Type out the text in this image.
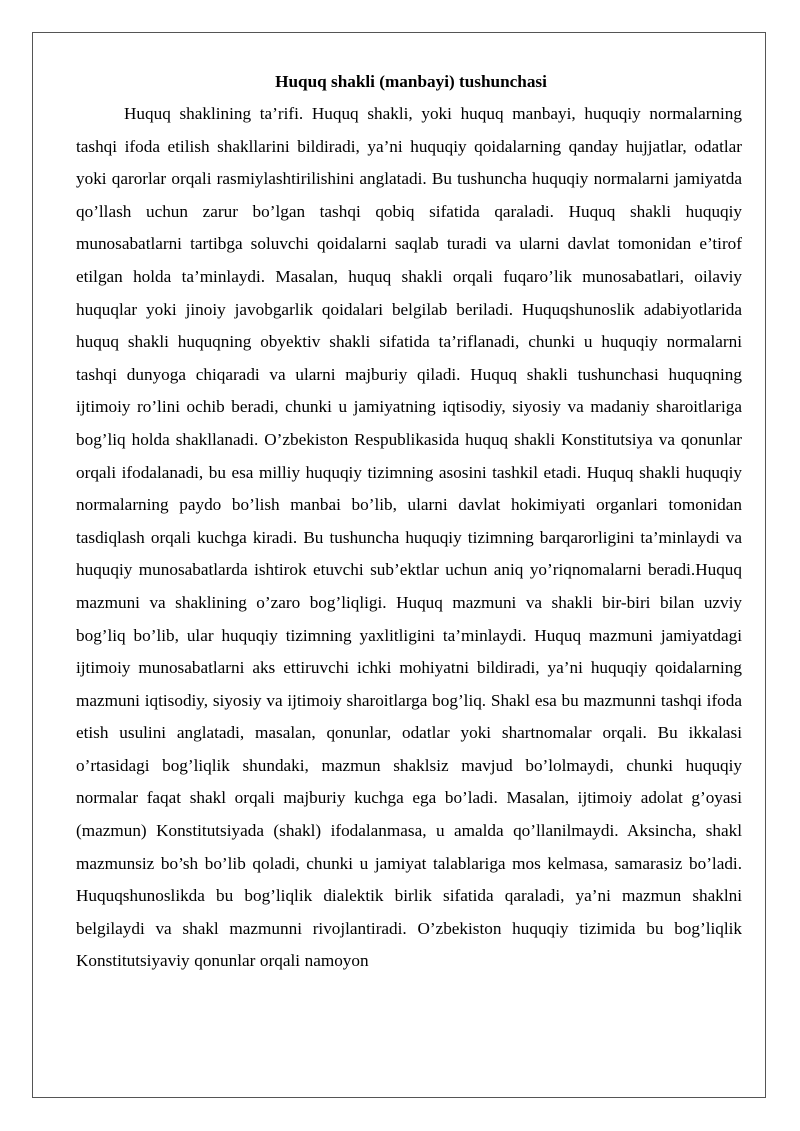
Huquq shakli (manbayi) tushunchasi

Huquq shaklining ta’rifi. Huquq shakli, yoki huquq manbayi, huquqiy normalarning tashqi ifoda etilish shakllarini bildiradi, ya’ni huquqiy qoidalarning qanday hujjatlar, odatlar yoki qarorlar orqali rasmiylashtirilishini anglatadi. Bu tushuncha huquqiy normalarni jamiyatda qo’llash uchun zarur bo’lgan tashqi qobiq sifatida qaraladi. Huquq shakli huquqiy munosabatlarni tartibga soluvchi qoidalarni saqlab turadi va ularni davlat tomonidan e’tirof etilgan holda ta’minlaydi. Masalan, huquq shakli orqali fuqaro’lik munosabatlari, oilaviy huquqlar yoki jinoiy javobgarlik qoidalari belgilab beriladi. Huquqshunoslik adabiyotlarida huquq shakli huquqning obyektiv shakli sifatida ta’riflanadi, chunki u huquqiy normalarni tashqi dunyoga chiqaradi va ularni majburiy qiladi. Huquq shakli tushunchasi huquqning ijtimoiy ro’lini ochib beradi, chunki u jamiyatning iqtisodiy, siyosiy va madaniy sharoitlariga bog’liq holda shakllanadi. O’zbekiston Respublikasida huquq shakli Konstitutsiya va qonunlar orqali ifodalanadi, bu esa milliy huquqiy tizimning asosini tashkil etadi. Huquq shakli huquqiy normalarning paydo bo’lish manbai bo’lib, ularni davlat hokimiyati organlari tomonidan tasdiqlash orqali kuchga kiradi. Bu tushuncha huquqiy tizimning barqarorligini ta’minlaydi va huquqiy munosabatlarda ishtirok etuvchi sub’ektlar uchun aniq yo’riqnomalarni beradi.Huquq mazmuni va shaklining o’zaro bog’liqligi. Huquq mazmuni va shakli bir-biri bilan uzviy bog’liq bo’lib, ular huquqiy tizimning yaxlitligini ta’minlaydi. Huquq mazmuni jamiyatdagi ijtimoiy munosabatlarni aks ettiruvchi ichki mohiyatni bildiradi, ya’ni huquqiy qoidalarning mazmuni iqtisodiy, siyosiy va ijtimoiy sharoitlarga bog’liq. Shakl esa bu mazmunni tashqi ifoda etish usulini anglatadi, masalan, qonunlar, odatlar yoki shartnomalar orqali. Bu ikkalasi o’rtasidagi bog’liqlik shundaki, mazmun shaklsiz mavjud bo’lolmaydi, chunki huquqiy normalar faqat shakl orqali majburiy kuchga ega bo’ladi. Masalan, ijtimoiy adolat g’oyasi (mazmun) Konstitutsiyada (shakl) ifodalanmasa, u amalda qo’llanilmaydi. Aksincha, shakl mazmunsiz bo’sh bo’lib qoladi, chunki u jamiyat talablariga mos kelmasa, samarasiz bo’ladi. Huquqshunoslikda bu bog’liqlik dialektik birlik sifatida qaraladi, ya’ni mazmun shaklni belgilaydi va shakl mazmunni rivojlantiradi. O’zbekiston huquqiy tizimida bu bog’liqlik Konstitutsiyaviy qonunlar orqali namoyon
